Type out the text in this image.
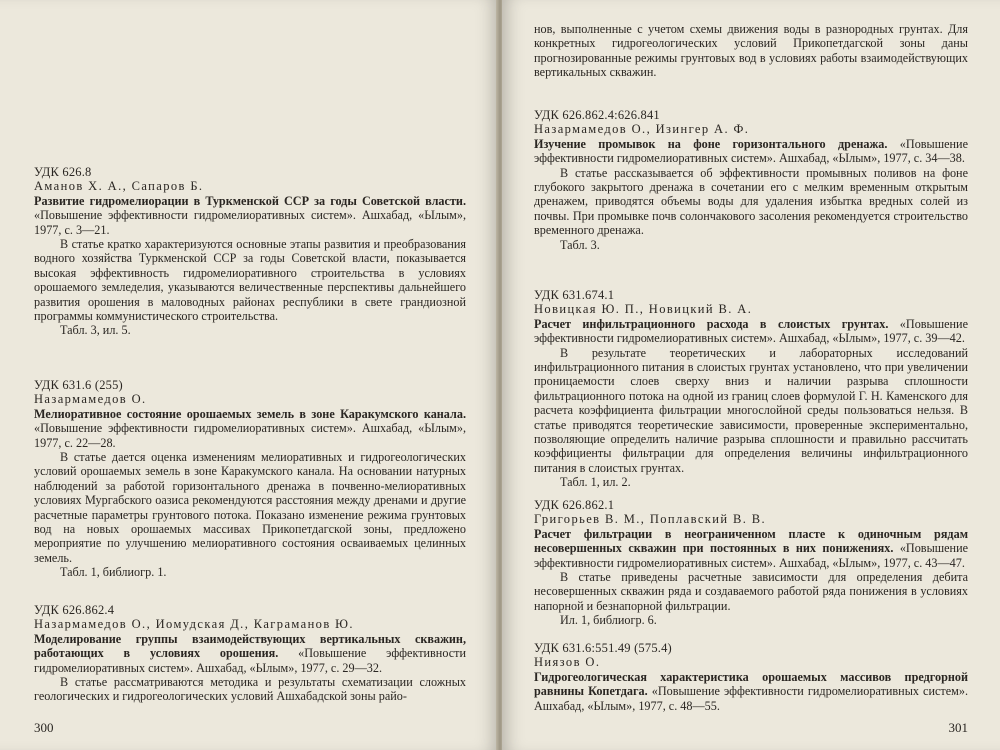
УДК 626.8

Аманов Х. А., Сапаров Б.

Развитие гидромелиорации в Туркменской ССР за годы Советской власти. «Повышение эффективности гидромелиоративных систем». Ашхабад, «Ылым», 1977, с. 3—21.

В статье кратко характеризуются основные этапы развития и преобразования водного хозяйства Туркменской ССР за годы Советской власти, показывается высокая эффективность гидромелиоративного строительства в условиях орошаемого земледелия, указываются величественные перспективы дальнейшего развития орошения в маловодных районах республики в свете грандиозной программы коммунистического строительства.

Табл. 3, ил. 5.

УДК 631.6 (255)

Назармамедов О.

Мелиоративное состояние орошаемых земель в зоне Каракумского канала. «Повышение эффективности гидромелиоративных систем». Ашхабад, «Ылым», 1977, с. 22—28.

В статье дается оценка изменениям мелиоративных и гидрогеологических условий орошаемых земель в зоне Каракумского канала. На основании натурных наблюдений за работой горизонтального дренажа в почвенно-мелиоративных условиях Мургабского оазиса рекомендуются расстояния между дренами и другие расчетные параметры грунтового потока. Показано изменение режима грунтовых вод на новых орошаемых массивах Прикопетдагской зоны, предложено мероприятие по улучшению мелиоративного состояния осваиваемых целинных земель.

Табл. 1, библиогр. 1.

УДК 626.862.4

Назармамедов О., Иомудская Д., Каграманов Ю.

Моделирование группы взаимодействующих вертикальных скважин, работающих в условиях орошения. «Повышение эффективности гидромелиоративных систем». Ашхабад, «Ылым», 1977, с. 29—32.

В статье рассматриваются методика и результаты схематизации сложных геологических и гидрогеологических условий Ашхабадской зоны райо-

300

нов, выполненные с учетом схемы движения воды в разнородных грунтах. Для конкретных гидрогеологических условий Прикопетдагской зоны даны прогнозированные режимы грунтовых вод в условиях работы взаимодействующих вертикальных скважин.

УДК 626.862.4:626.841

Назармамедов О., Изингер А. Ф.

Изучение промывок на фоне горизонтального дренажа. «Повышение эффективности гидромелиоративных систем». Ашхабад, «Ылым», 1977, с. 34—38.

В статье рассказывается об эффективности промывных поливов на фоне глубокого закрытого дренажа в сочетании его с мелким временным открытым дренажем, приводятся объемы воды для удаления избытка вредных солей из почвы. При промывке почв солончакового засоления рекомендуется строительство временного дренажа.

Табл. 3.

УДК 631.674.1

Новицкая Ю. П., Новицкий В. А.

Расчет инфильтрационного расхода в слоистых грунтах. «Повышение эффективности гидромелиоративных систем». Ашхабад, «Ылым», 1977, с. 39—42.

В результате теоретических и лабораторных исследований инфильтрационного питания в слоистых грунтах установлено, что при увеличении проницаемости слоев сверху вниз и наличии разрыва сплошности фильтрационного потока на одной из границ слоев формулой Г. Н. Каменского для расчета коэффициента фильтрации многослойной среды пользоваться нельзя. В статье приводятся теоретические зависимости, проверенные экспериментально, позволяющие определить наличие разрыва сплошности и правильно рассчитать коэффициенты фильтрации для определения величины инфильтрационного питания в слоистых грунтах.

Табл. 1, ил. 2.

УДК 626.862.1

Григорьев В. М., Поплавский В. В.

Расчет фильтрации в неограниченном пласте к одиночным рядам несовершенных скважин при постоянных в них понижениях. «Повышение эффективности гидромелиоративных систем». Ашхабад, «Ылым», 1977, с. 43—47.

В статье приведены расчетные зависимости для определения дебита несовершенных скважин ряда и создаваемого работой ряда понижения в условиях напорной и безнапорной фильтрации.

Ил. 1, библиогр. 6.

УДК 631.6:551.49 (575.4)

Ниязов О.

Гидрогеологическая характеристика орошаемых массивов предгорной равнины Копетдага. «Повышение эффективности гидромелиоративных систем». Ашхабад, «Ылым», 1977, с. 48—55.

301
